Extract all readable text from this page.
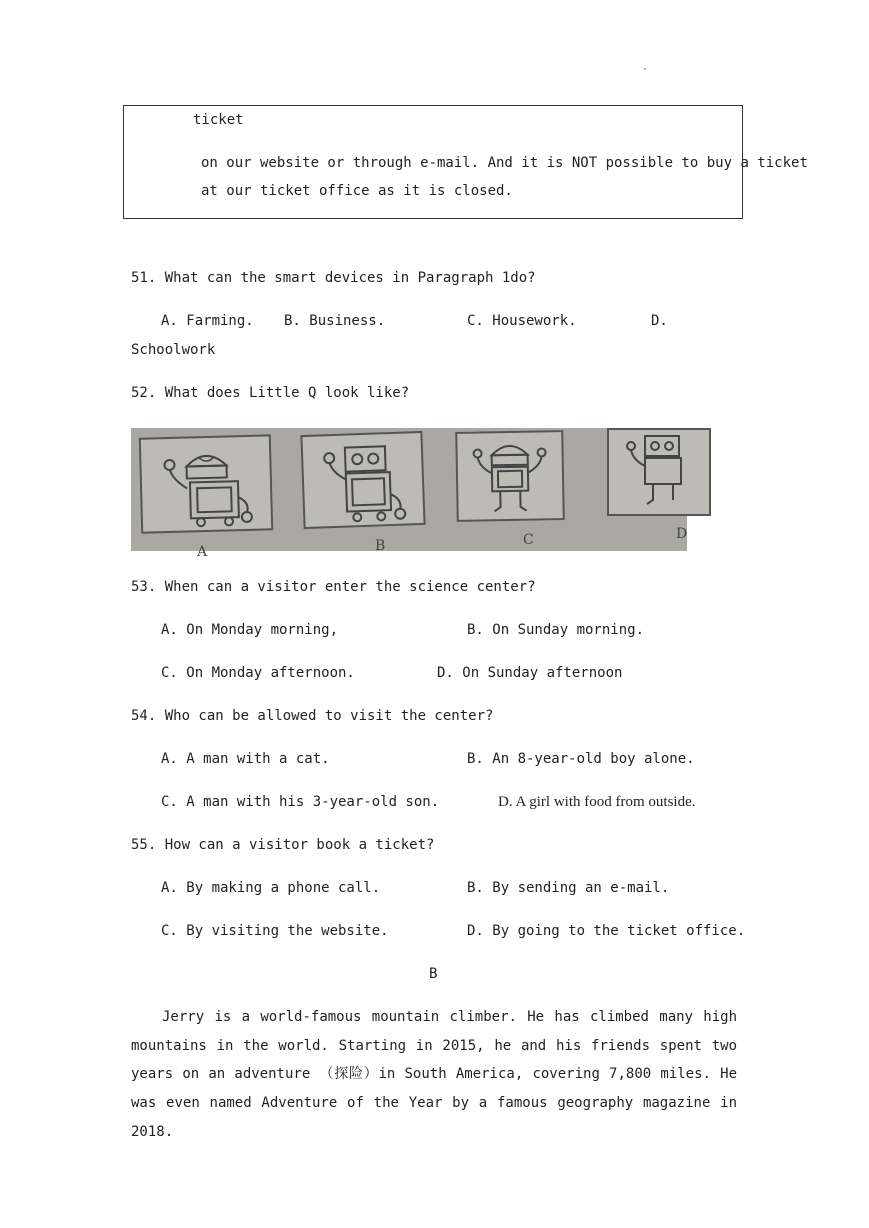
·
ticket
on our website or through e-mail. And it is NOT possible to buy a ticket
at our ticket office as it is closed.
51. What can the smart devices in Paragraph 1do?
A. Farming. B. Business.	C. Housework.	D.
Schoolwork
52. What does Little Q look like?
A	B	C	D
53. When can a visitor enter the science center?
A. On Monday morning,	B. On Sunday morning.
C. On Monday afternoon.	D. On Sunday afternoon
54. Who can be allowed to visit the center?
A. A man with a cat.	B. An 8-year-old boy alone.
C. A man with his 3-year-old son.	D. A girl with food from outside.
55. How can a visitor book a ticket?
A. By making a phone call.	B. By sending an e-mail.
C. By visiting the website.	D. By going to the ticket office.
B

Jerry is a world-famous mountain climber. He has climbed many high mountains in the world. Starting in 2015, he and his friends spent two years on an adventure （探险）in South America, covering 7,800 miles. He was even named Adventure of the Year by a famous geography magazine in 2018.
